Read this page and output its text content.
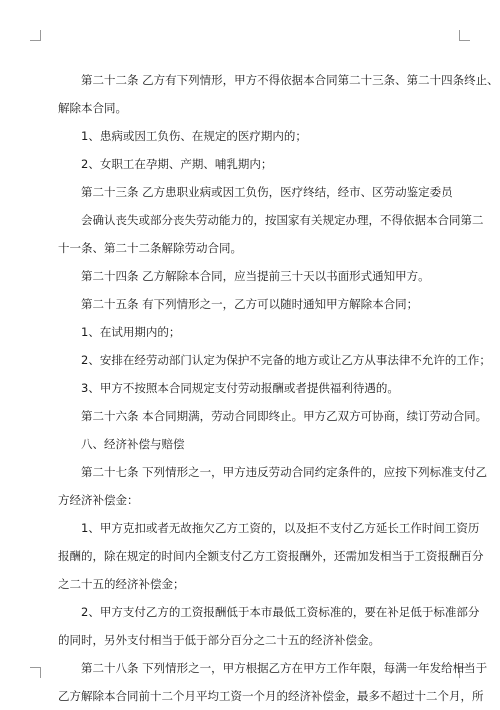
第二十二条 乙方有下列情形，甲方不得依据本合同第二十三条、第二十四条终止、
解除本合同。
1、患病或因工负伤、在规定的医疗期内的；
2、女职工在孕期、产期、哺乳期内；
第二十三条 乙方患职业病或因工负伤，医疗终结，经市、区劳动鉴定委员
会确认丧失或部分丧失劳动能力的，按国家有关规定办理，不得依据本合同第二
十一条、第二十二条解除劳动合同。
第二十四条 乙方解除本合同，应当提前三十天以书面形式通知甲方。
第二十五条 有下列情形之一，乙方可以随时通知甲方解除本合同；
1、在试用期内的；
2、安排在经劳动部门认定为保护不完备的地方或让乙方从事法律不允许的工作；
3、甲方不按照本合同规定支付劳动报酬或者提供福利待遇的。
第二十六条 本合同期满，劳动合同即终止。甲方乙双方可协商，续订劳动合同。
八、经济补偿与赔偿
第二十七条 下列情形之一，甲方违反劳动合同约定条件的，应按下列标准支付乙
方经济补偿金：
1、甲方克扣或者无故拖欠乙方工资的，以及拒不支付乙方延长工作时间工资历
报酬的，除在规定的时间内全额支付乙方工资报酬外，还需加发相当于工资报酬百分
之二十五的经济补偿金；
2、甲方支付乙方的工资报酬低于本市最低工资标准的，要在补足低于标准部分
的同时，另外支付相当于低于部分百分之二十五的经济补偿金。
第二十八条 下列情形之一，甲方根据乙方在甲方工作年限，每满一年发给相当于
乙方解除本合同前十二个月平均工资一个月的经济补偿金，最多不超过十二个月，所
